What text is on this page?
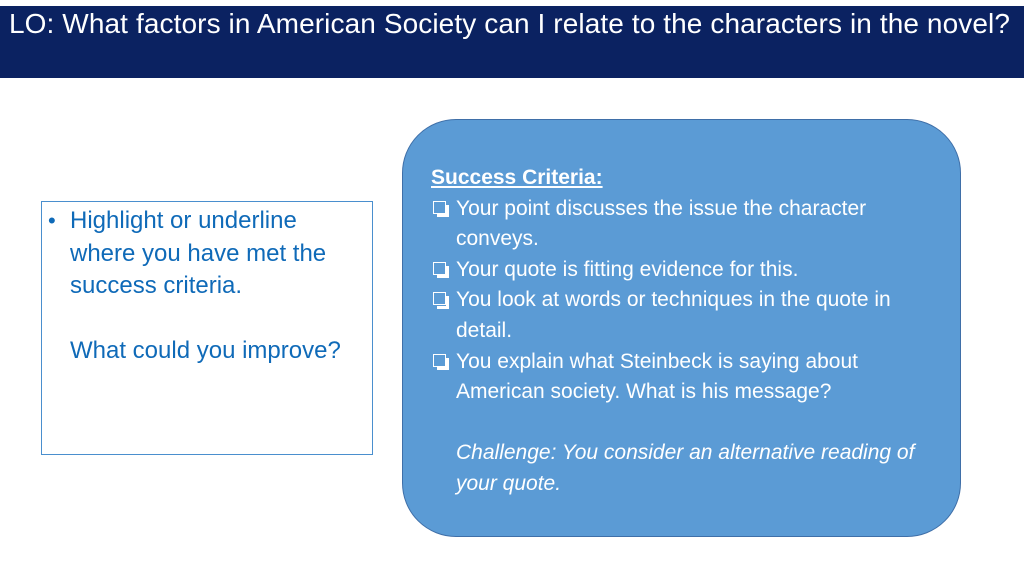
LO: What factors in American Society can I relate to the characters in the novel?
• Highlight or underline where you have met the success criteria.
What could you improve?

Success Criteria:

Your point discusses the issue the character conveys.
Your quote is fitting evidence for this.
You look at words or techniques in the quote in detail.
You explain what Steinbeck is saying about American society. What is his message?
Challenge: You consider an alternative reading of your quote.
